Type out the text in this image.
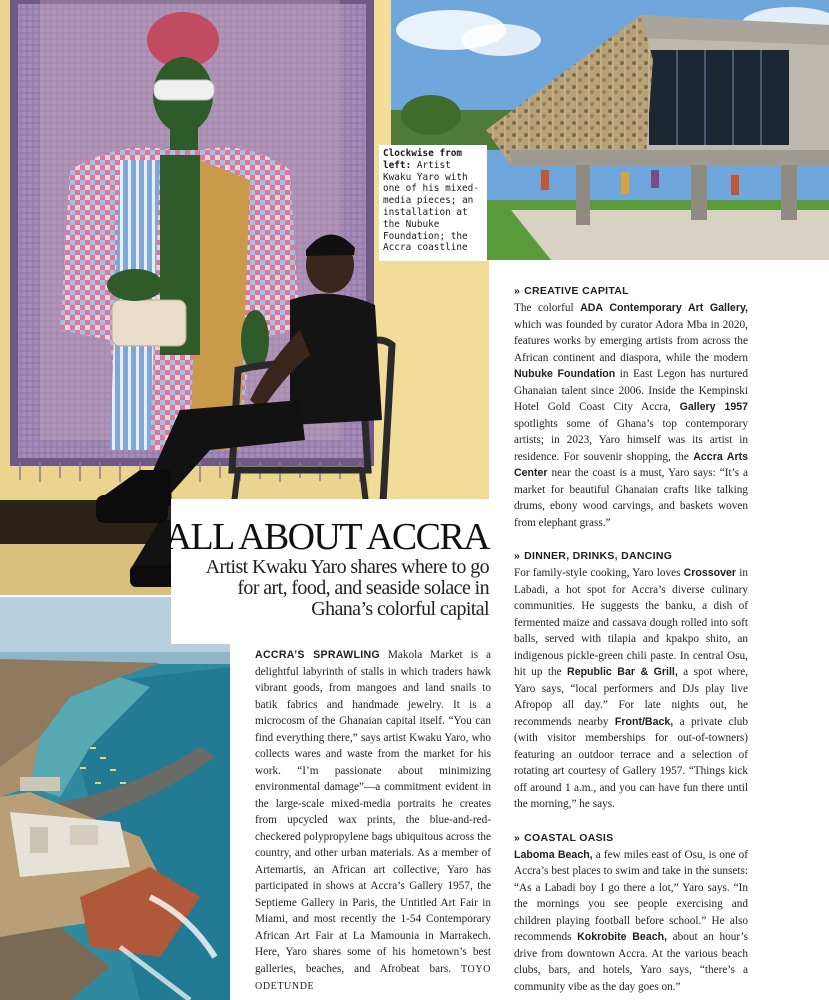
Clockwise from left: Artist Kwaku Yaro with one of his mixed-media pieces; an installation at the Nubuke Foundation; the Accra coastline
ALL ABOUT ACCRA

Artist Kwaku Yaro shares where to go for art, food, and seaside solace in Ghana’s colorful capital

ACCRA’S SPRAWLING Makola Market is a delightful labyrinth of stalls in which traders hawk vibrant goods, from mangoes and land snails to batik fabrics and handmade jewelry. It is a microcosm of the Ghanaian capital itself. “You can find everything there,” says artist Kwaku Yaro, who collects wares and waste from the market for his work. “I’m passionate about minimizing environmental damage”—a commitment evident in the large-scale mixed-media portraits he creates from upcycled wax prints, the blue-and-red-checkered polypropylene bags ubiquitous across the country, and other urban materials. As a member of Artemartis, an African art collective, Yaro has participated in shows at Accra’s Gallery 1957, the Septieme Gallery in Paris, the Untitled Art Fair in Miami, and most recently the 1-54 Contemporary African Art Fair at La Mamounia in Marrakech. Here, Yaro shares some of his hometown’s best galleries, beaches, and Afrobeat bars. TOYO ODETUNDE

» CREATIVE CAPITAL

The colorful ADA Contemporary Art Gallery, which was founded by curator Adora Mba in 2020, features works by emerging artists from across the African continent and diaspora, while the modern Nubuke Foundation in East Legon has nurtured Ghanaian talent since 2006. Inside the Kempinski Hotel Gold Coast City Accra, Gallery 1957 spotlights some of Ghana’s top contemporary artists; in 2023, Yaro himself was its artist in residence. For souvenir shopping, the Accra Arts Center near the coast is a must, Yaro says: “It’s a market for beautiful Ghanaian crafts like talking drums, ebony wood carvings, and baskets woven from elephant grass.”

» DINNER, DRINKS, DANCING

For family-style cooking, Yaro loves Crossover in Labadi, a hot spot for Accra’s diverse culinary communities. He suggests the banku, a dish of fermented maize and cassava dough rolled into soft balls, served with tilapia and kpakpo shito, an indigenous pickle-green chili paste. In central Osu, hit up the Republic Bar & Grill, a spot where, Yaro says, “local performers and DJs play live Afropop all day.” For late nights out, he recommends nearby Front/Back, a private club (with visitor memberships for out-of-towners) featuring an outdoor terrace and a selection of rotating art courtesy of Gallery 1957. “Things kick off around 1 a.m., and you can have fun there until the morning,” he says.

» COASTAL OASIS

Laboma Beach, a few miles east of Osu, is one of Accra’s best places to swim and take in the sunsets: “As a Labadi boy I go there a lot,” Yaro says. “In the mornings you see people exercising and children playing football before school.” He also recommends Kokrobite Beach, about an hour’s drive from downtown Accra. At the various beach clubs, bars, and hotels, Yaro says, “there’s a community vibe as the day goes on.”
